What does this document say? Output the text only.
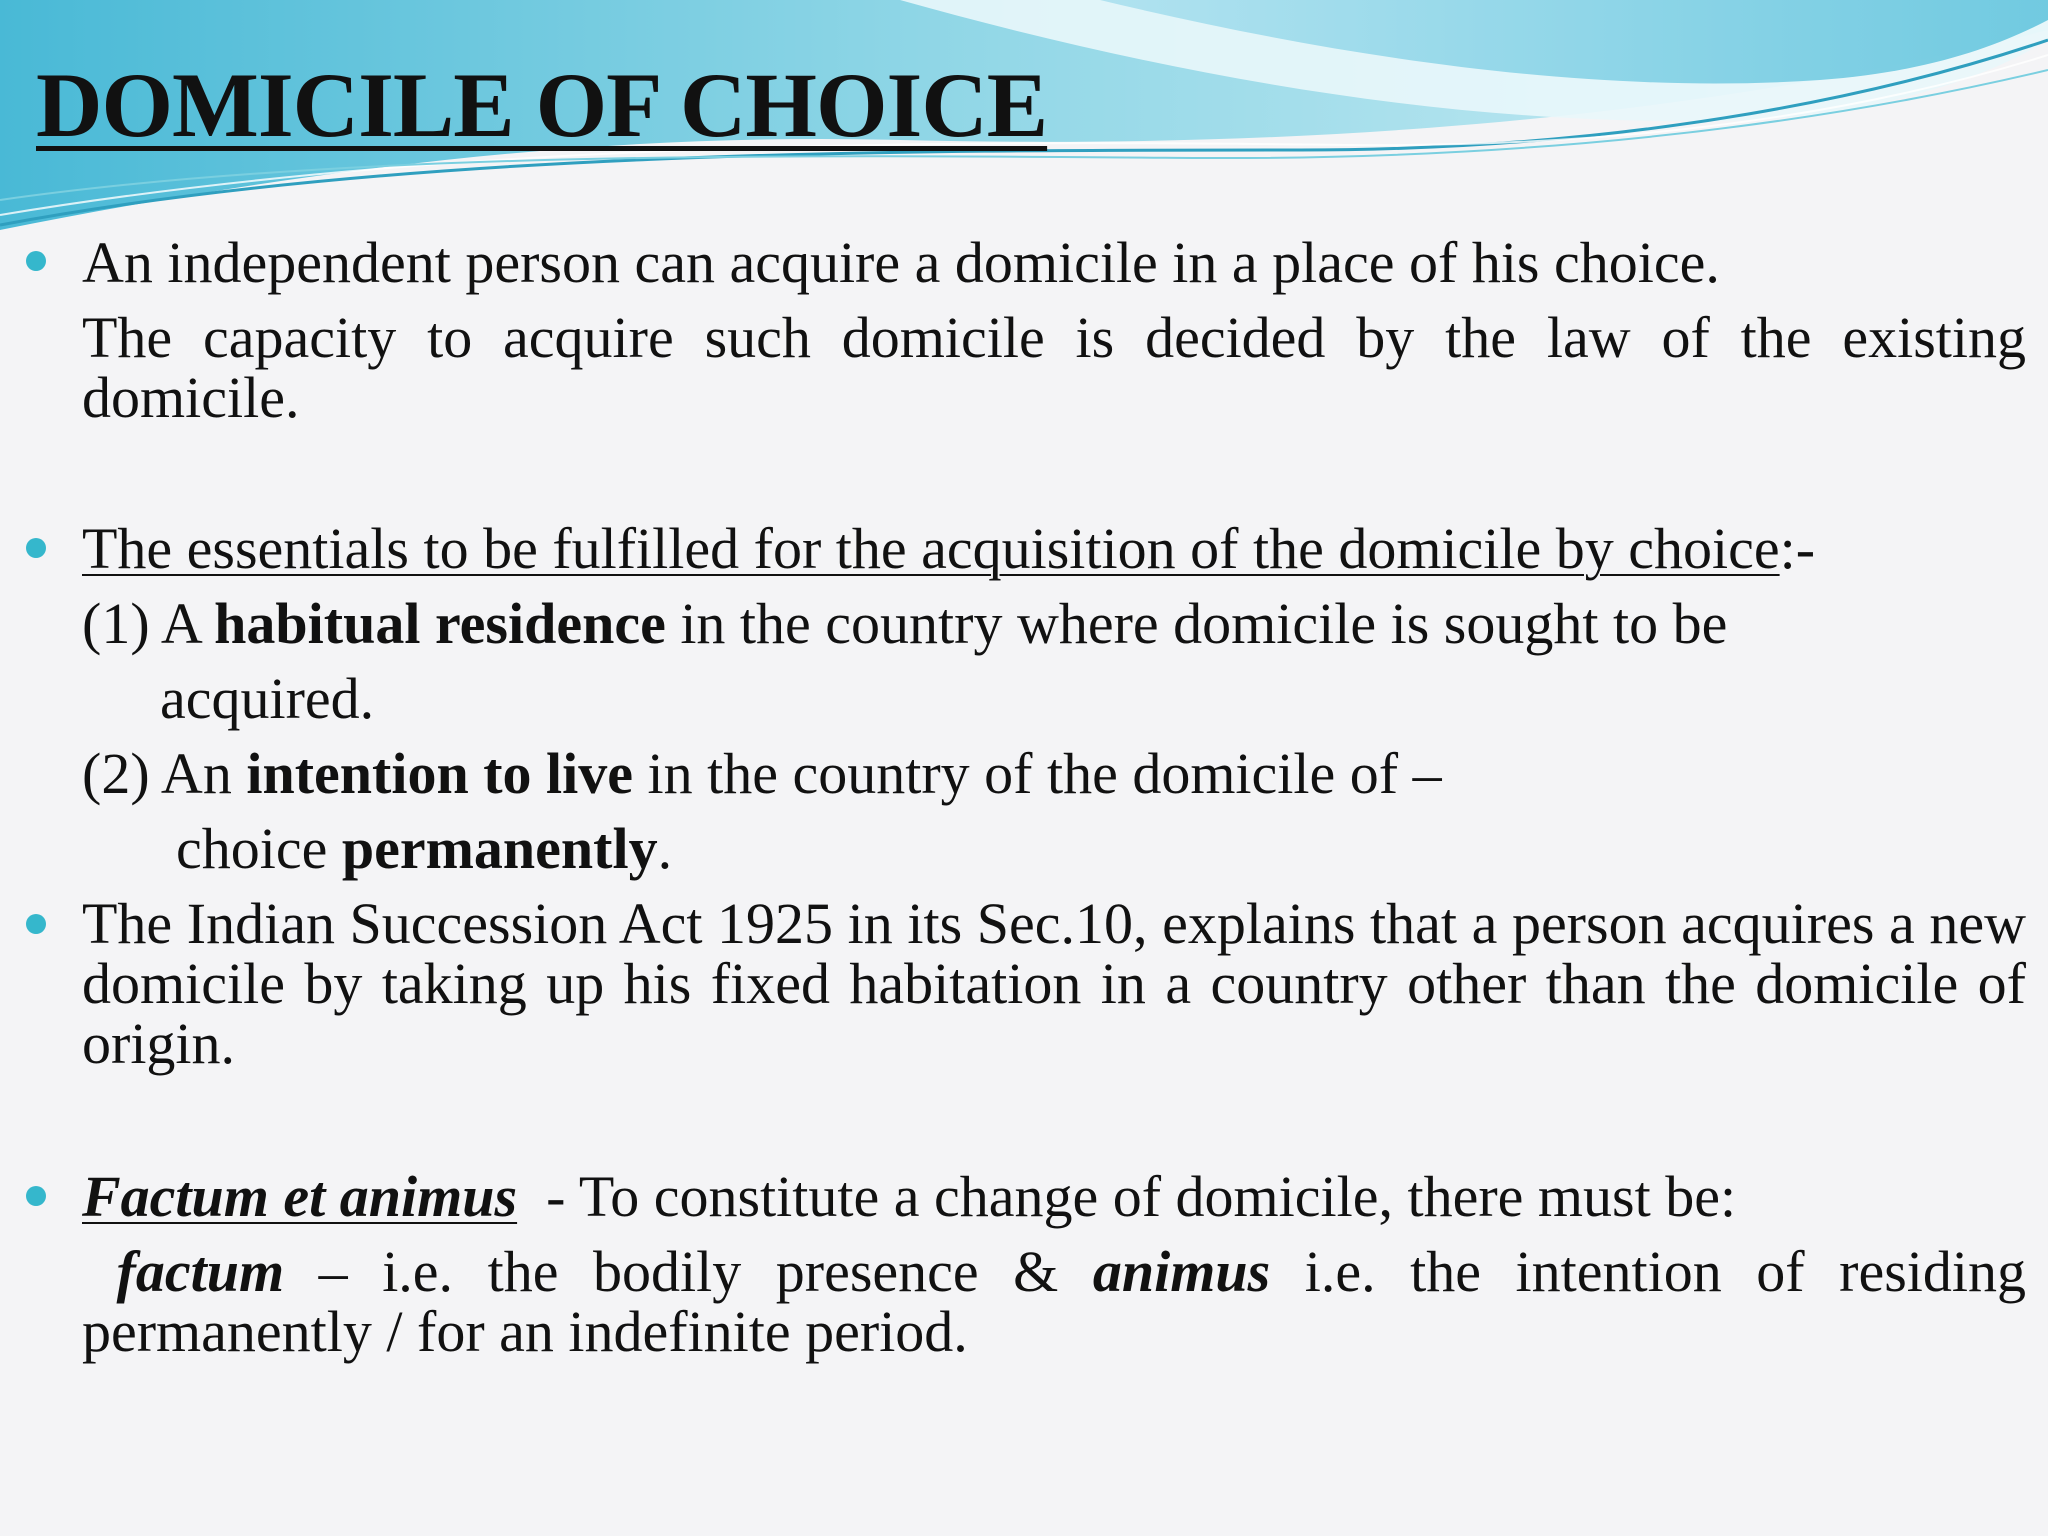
DOMICILE OF CHOICE
An independent person can acquire a domicile in a place of his choice.
The capacity to acquire such domicile is decided by the law of the existing domicile.
The essentials to be fulfilled for the acquisition of the domicile by choice:-
(1) A habitual residence in the country where domicile is sought to be
acquired.
(2) An intention to live in the country of the domicile of –
choice permanently.
The Indian Succession Act 1925 in its Sec.10, explains that a person acquires a new domicile by taking up his fixed habitation in a country other than the domicile of origin.
Factum et animus  - To constitute a change of domicile, there must be:
factum – i.e. the bodily presence & animus i.e. the intention of residing permanently / for an indefinite period.
